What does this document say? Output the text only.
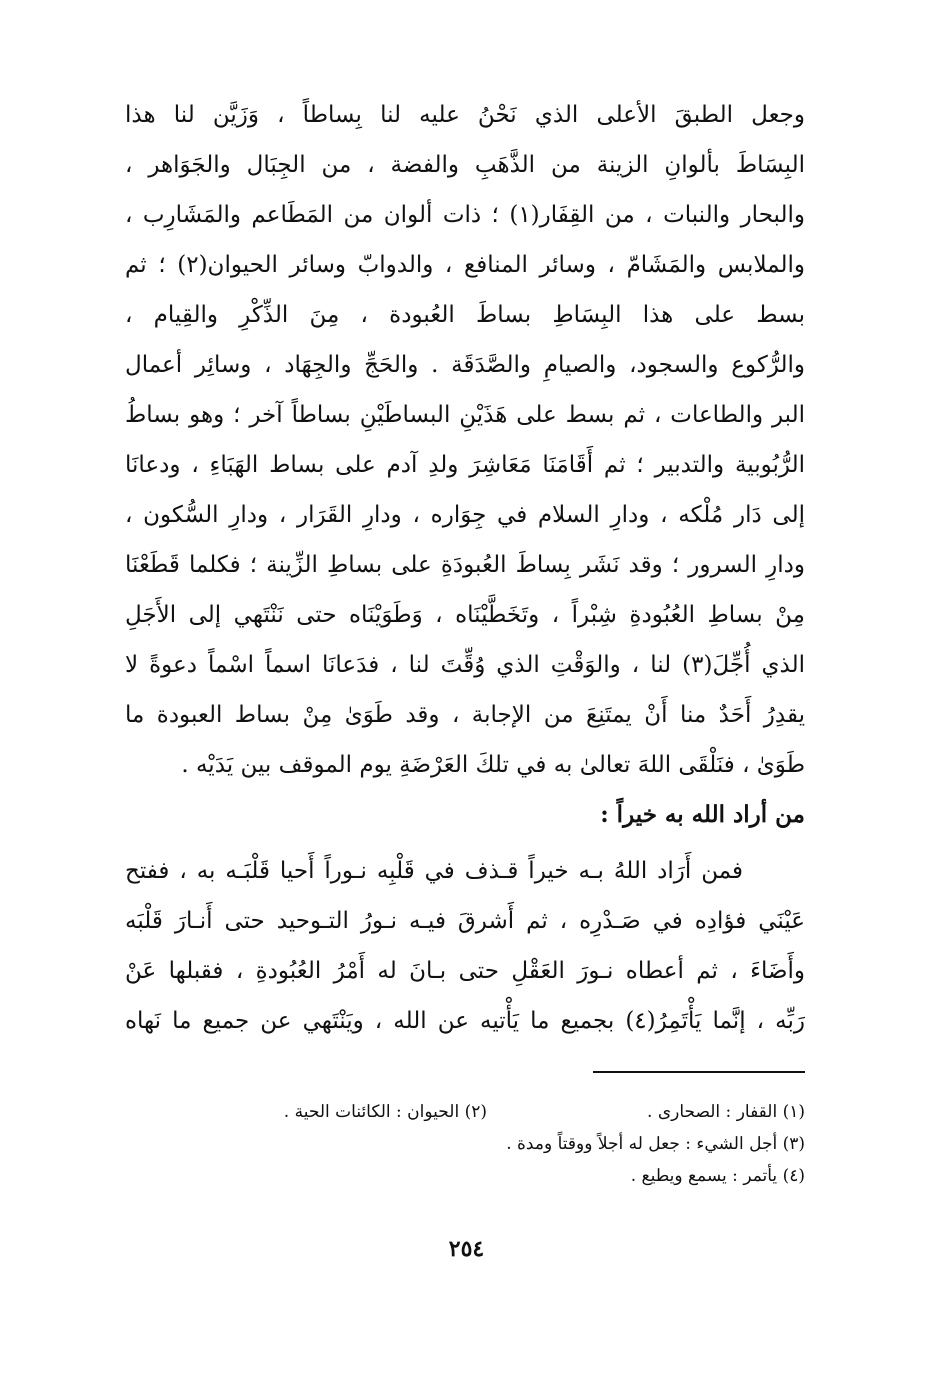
وجعل الطبقَ الأعلى الذي نَحْنُ عليه لنا بِساطاً ، وَزَيَّن لنا هذا
البِسَاطَ بألوانِ الزينة من الذَّهَبِ والفضة ، من الجِبَال والجَوَاهر ،
والبحار والنبات ، من القِفَار(١) ؛ ذات ألوان من المَطَاعم والمَشَارِب ،
والملابس والمَشَامّ ، وسائر المنافع ، والدوابّ وسائر الحيوان(٢) ؛ ثم
بسط على هذا البِسَاطِ بساطَ العُبودة ، مِنَ الذِّكْرِ والقِيام ،
والرُّكوع والسجود، والصيامِ والصَّدَقَة . والحَجِّ والجِهَاد ، وسائِر أعمال
البر والطاعات ، ثم بسط على هَذَيْنِ البساطَيْنِ بساطاً آخر ؛ وهو بساطُ
الرُّبُوبية والتدبير ؛ ثم أَقَامَنَا مَعَاشِرَ ولدِ آدم على بساط الهَبَاءِ ، ودعانَا
إلى دَار مُلْكه ، ودارِ السلام في جِوَاره ، ودارِ القَرَار ، ودارِ السُّكون ،
ودارِ السرور ؛ وقد نَشَر بِساطَ العُبودَةِ على بساطِ الزِّينة ؛ فكلما قَطَعْنَا
مِنْ بساطِ العُبُودةِ شِبْراً ، وتَخَطَّيْنَاه ، وَطَوَيْنَاه حتى نَنْتَهي إلى الأَجَلِ
الذي أُجِّلَ(٣) لنا ، والوَقْتِ الذي وُقِّتَ لنا ، فدَعانَا اسماً اسْماً دعوةً لا
يقدِرُ أَحَدٌ منا أَنْ يمتَنِعَ من الإجابة ، وقد طَوَىٰ مِنْ بساط العبودة ما
طَوَىٰ ، فنَلْقَى اللهَ تعالىٰ به في تلكَ العَرْضَةِ يوم الموقف بين يَدَيْه .
من أراد الله به خيراً :
فمن أَرَاد اللهُ بـه خيراً قـذف في قَلْبِه نـوراً أَحيا قَلْبَـه به ، ففتح
عَيْنَي فؤادِه في صَـدْرِه ، ثم أَشرقَ فيـه نـورُ التـوحيد حتى أَنـارَ قَلْبَه
وأَضَاءَ ، ثم أعطاه نـورَ العَقْلِ حتى بـانَ له أَمْرُ العُبُودةِ ، فقبلها عَنْ
رَبِّه ، إنَّما يَأْتَمِرُ(٤) بجميع ما يَأْتيه عن الله ، ويَنْتَهي عن جميع ما نَهاه
(١) القفار : الصحارى .
(٢) الحيوان : الكائنات الحية .
(٣) أجل الشيء : جعل له أجلاً ووقتاً ومدة .
(٤) يأتمر : يسمع ويطيع .
٢٥٤
